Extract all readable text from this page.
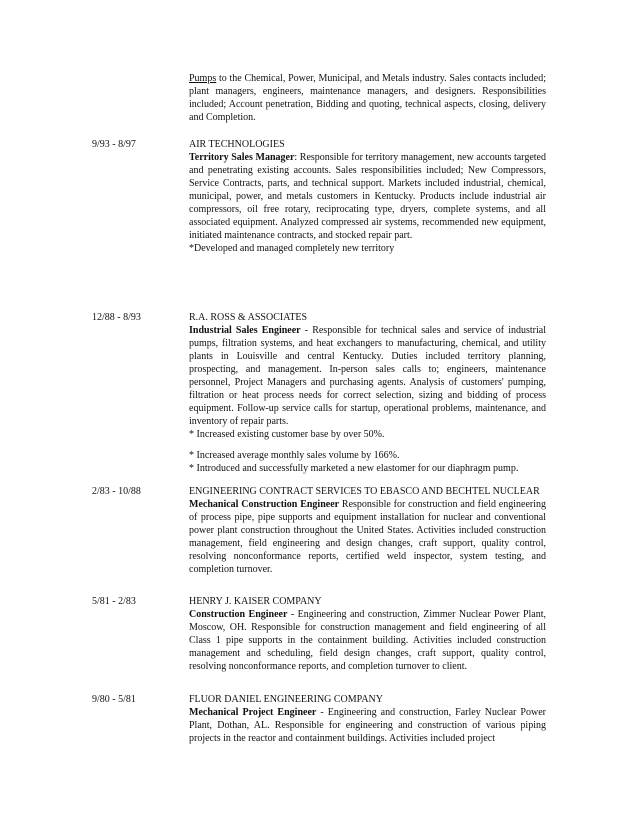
Pumps to the Chemical, Power, Municipal, and Metals industry. Sales contacts included; plant managers, engineers, maintenance managers, and designers. Responsibilities included; Account penetration, Bidding and quoting, technical aspects, closing, delivery and Completion.
9/93 - 8/97	AIR TECHNOLOGIES
Territory Sales Manager: Responsible for territory management, new accounts targeted and penetrating existing accounts. Sales responsibilities included; New Compressors, Service Contracts, parts, and technical support. Markets included industrial, chemical, municipal, power, and metals customers in Kentucky. Products include industrial air compressors, oil free rotary, reciprocating type, dryers, complete systems, and all associated equipment. Analyzed compressed air systems, recommended new equipment, initiated maintenance contracts, and stocked repair part.
*Developed and managed completely new territory
12/88 - 8/93	R.A. ROSS & ASSOCIATES
Industrial Sales Engineer - Responsible for technical sales and service of industrial pumps, filtration systems, and heat exchangers to manufacturing, chemical, and utility plants in Louisville and central Kentucky. Duties included territory planning, prospecting, and management. In-person sales calls to; engineers, maintenance personnel, Project Managers and purchasing agents. Analysis of customers' pumping, filtration or heat process needs for correct selection, sizing and bidding of process equipment. Follow-up service calls for startup, operational problems, maintenance, and inventory of repair parts.
* Increased existing customer base by over 50%.
* Increased average monthly sales volume by 166%.
* Introduced and successfully marketed a new elastomer for our diaphragm pump.
2/83 - 10/88	ENGINEERING CONTRACT SERVICES TO EBASCO AND BECHTEL NUCLEAR
Mechanical Construction Engineer Responsible for construction and field engineering of process pipe, pipe supports and equipment installation for nuclear and conventional power plant construction throughout the United States. Activities included construction management, field engineering and design changes, craft support, quality control, resolving nonconformance reports, certified weld inspector, system testing, and completion turnover.
5/81 - 2/83	HENRY J. KAISER COMPANY
Construction Engineer - Engineering and construction, Zimmer Nuclear Power Plant, Moscow, OH. Responsible for construction management and field engineering of all Class 1 pipe supports in the containment building. Activities included construction management and scheduling, field design changes, craft support, quality control, resolving nonconformance reports, and completion turnover to client.
9/80 - 5/81	FLUOR DANIEL ENGINEERING COMPANY
Mechanical Project Engineer - Engineering and construction, Farley Nuclear Power Plant, Dothan, AL. Responsible for engineering and construction of various piping projects in the reactor and containment buildings. Activities included project
